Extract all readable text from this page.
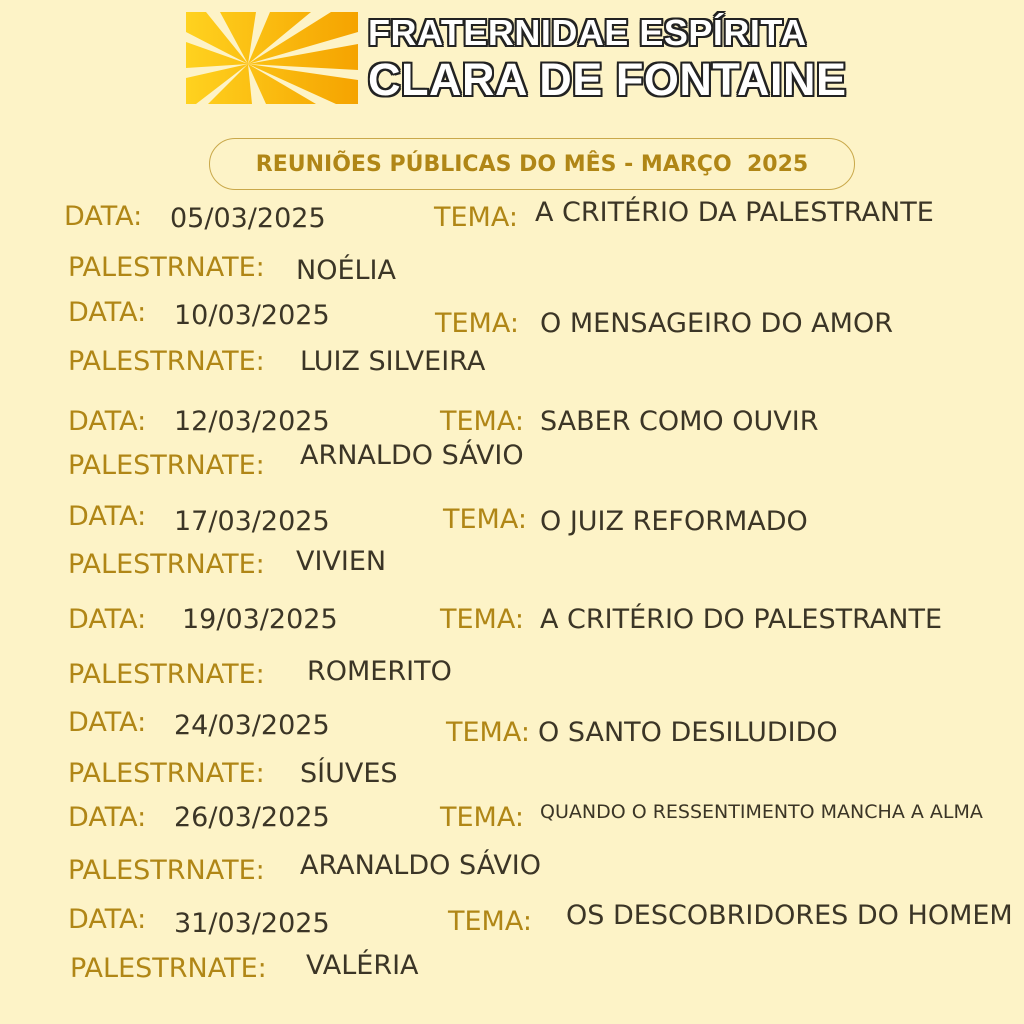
FRATERNIDAE ESPÍRITA
CLARA DE FONTAINE
REUNIÕES PÚBLICAS DO MÊS - MARÇO  2025
DATA: 05/03/2025	TEMA: A CRITÉRIO DA PALESTRANTE
PALESTRNATE: NOÉLIA
DATA: 10/03/2025	TEMA: O MENSAGEIRO DO AMOR
PALESTRNATE: LUIZ SILVEIRA
DATA: 12/03/2025	TEMA: SABER COMO OUVIR
PALESTRNATE: ARNALDO SÁVIO
DATA: 17/03/2025	TEMA: O JUIZ REFORMADO
PALESTRNATE: VIVIEN
DATA: 19/03/2025	TEMA: A CRITÉRIO DO PALESTRANTE
PALESTRNATE: ROMERITO
DATA: 24/03/2025	TEMA: O SANTO DESILUDIDO
PALESTRNATE: SÍUVES
DATA: 26/03/2025	TEMA: QUANDO O RESSENTIMENTO MANCHA A ALMA
PALESTRNATE: ARANALDO SÁVIO
DATA: 31/03/2025	TEMA: OS DESCOBRIDORES DO HOMEM
PALESTRNATE: VALÉRIA
